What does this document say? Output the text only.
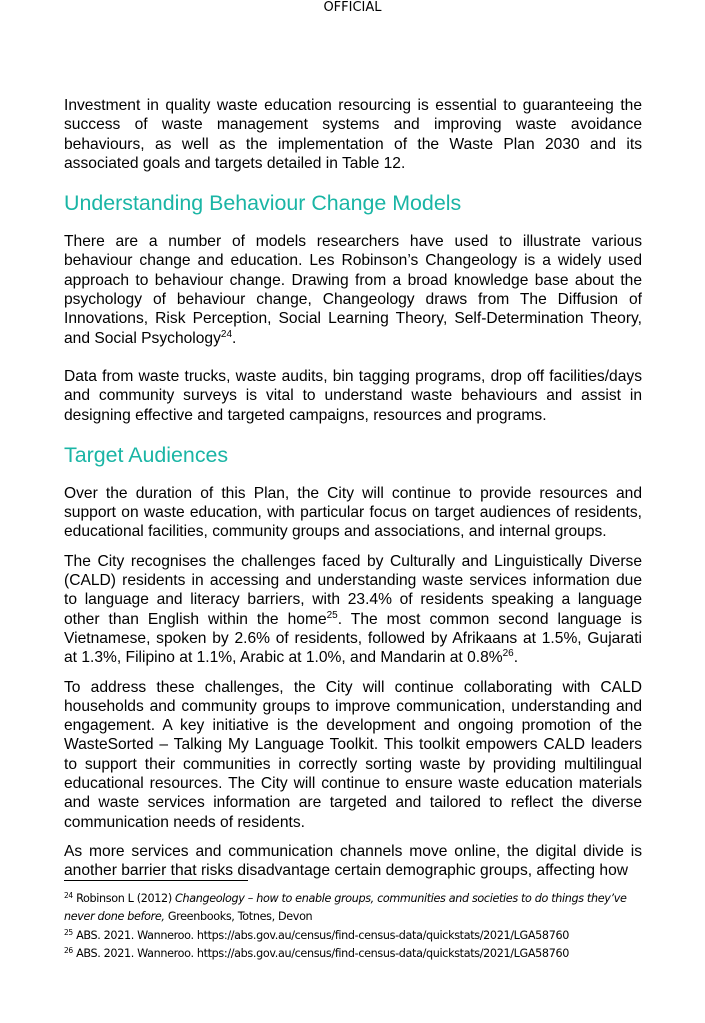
OFFICIAL

Investment in quality waste education resourcing is essential to guaranteeing the success of waste management systems and improving waste avoidance behaviours, as well as the implementation of the Waste Plan 2030 and its associated goals and targets detailed in Table 12.

Understanding Behaviour Change Models

There are a number of models researchers have used to illustrate various behaviour change and education. Les Robinson’s Changeology is a widely used approach to behaviour change. Drawing from a broad knowledge base about the psychology of behaviour change, Changeology draws from The Diffusion of Innovations, Risk Perception, Social Learning Theory, Self-Determination Theory, and Social Psychology$^{24}$.

Data from waste trucks, waste audits, bin tagging programs, drop off facilities/days and community surveys is vital to understand waste behaviours and assist in designing effective and targeted campaigns, resources and programs.

Target Audiences

Over the duration of this Plan, the City will continue to provide resources and support on waste education, with particular focus on target audiences of residents, educational facilities, community groups and associations, and internal groups.

The City recognises the challenges faced by Culturally and Linguistically Diverse (CALD) residents in accessing and understanding waste services information due to language and literacy barriers, with 23.4% of residents speaking a language other than English within the home$^{25}$. The most common second language is Vietnamese, spoken by 2.6% of residents, followed by Afrikaans at 1.5%, Gujarati at 1.3%, Filipino at 1.1%, Arabic at 1.0%, and Mandarin at 0.8%$^{26}$.

To address these challenges, the City will continue collaborating with CALD households and community groups to improve communication, understanding and engagement. A key initiative is the development and ongoing promotion of the WasteSorted – Talking My Language Toolkit. This toolkit empowers CALD leaders to support their communities in correctly sorting waste by providing multilingual educational resources. The City will continue to ensure waste education materials and waste services information are targeted and tailored to reflect the diverse communication needs of residents.

As more services and communication channels move online, the digital divide is another barrier that risks disadvantage certain demographic groups, affecting how

$^{24}$ Robinson L (2012) Changeology – how to enable groups, communities and societies to do things they’ve never done before, Greenbooks, Totnes, Devon
$^{25}$ ABS. 2021. Wanneroo. https://abs.gov.au/census/find-census-data/quickstats/2021/LGA58760
$^{26}$ ABS. 2021. Wanneroo. https://abs.gov.au/census/find-census-data/quickstats/2021/LGA58760
